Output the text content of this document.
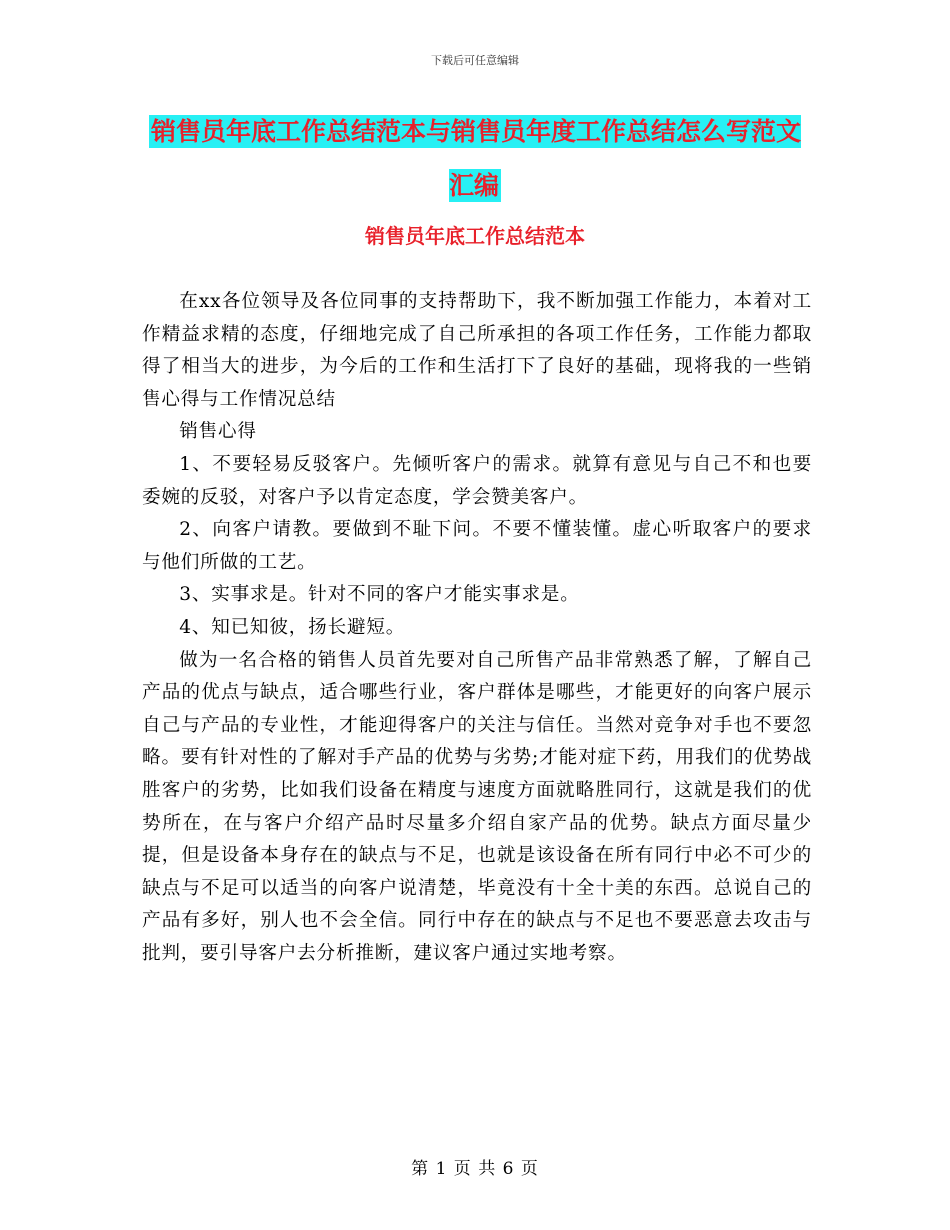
下载后可任意编辑
销售员年底工作总结范本与销售员年度工作总结怎么写范文汇编
销售员年底工作总结范本

在xx各位领导及各位同事的支持帮助下，我不断加强工作能力，本着对工作精益求精的态度，仔细地完成了自己所承担的各项工作任务，工作能力都取得了相当大的进步，为今后的工作和生活打下了良好的基础，现将我的一些销售心得与工作情况总结

销售心得

1、不要轻易反驳客户。先倾听客户的需求。就算有意见与自己不和也要委婉的反驳，对客户予以肯定态度，学会赞美客户。

2、向客户请教。要做到不耻下问。不要不懂装懂。虚心听取客户的要求与他们所做的工艺。

3、实事求是。针对不同的客户才能实事求是。

4、知已知彼，扬长避短。

做为一名合格的销售人员首先要对自己所售产品非常熟悉了解，了解自己产品的优点与缺点，适合哪些行业，客户群体是哪些，才能更好的向客户展示自己与产品的专业性，才能迎得客户的关注与信任。当然对竞争对手也不要忽略。要有针对性的了解对手产品的优势与劣势;才能对症下药，用我们的优势战胜客户的劣势，比如我们设备在精度与速度方面就略胜同行，这就是我们的优势所在，在与客户介绍产品时尽量多介绍自家产品的优势。缺点方面尽量少提，但是设备本身存在的缺点与不足，也就是该设备在所有同行中必不可少的缺点与不足可以适当的向客户说清楚，毕竟没有十全十美的东西。总说自己的产品有多好，别人也不会全信。同行中存在的缺点与不足也不要恶意去攻击与批判，要引导客户去分析推断，建议客户通过实地考察。

第 1 页 共 6 页
